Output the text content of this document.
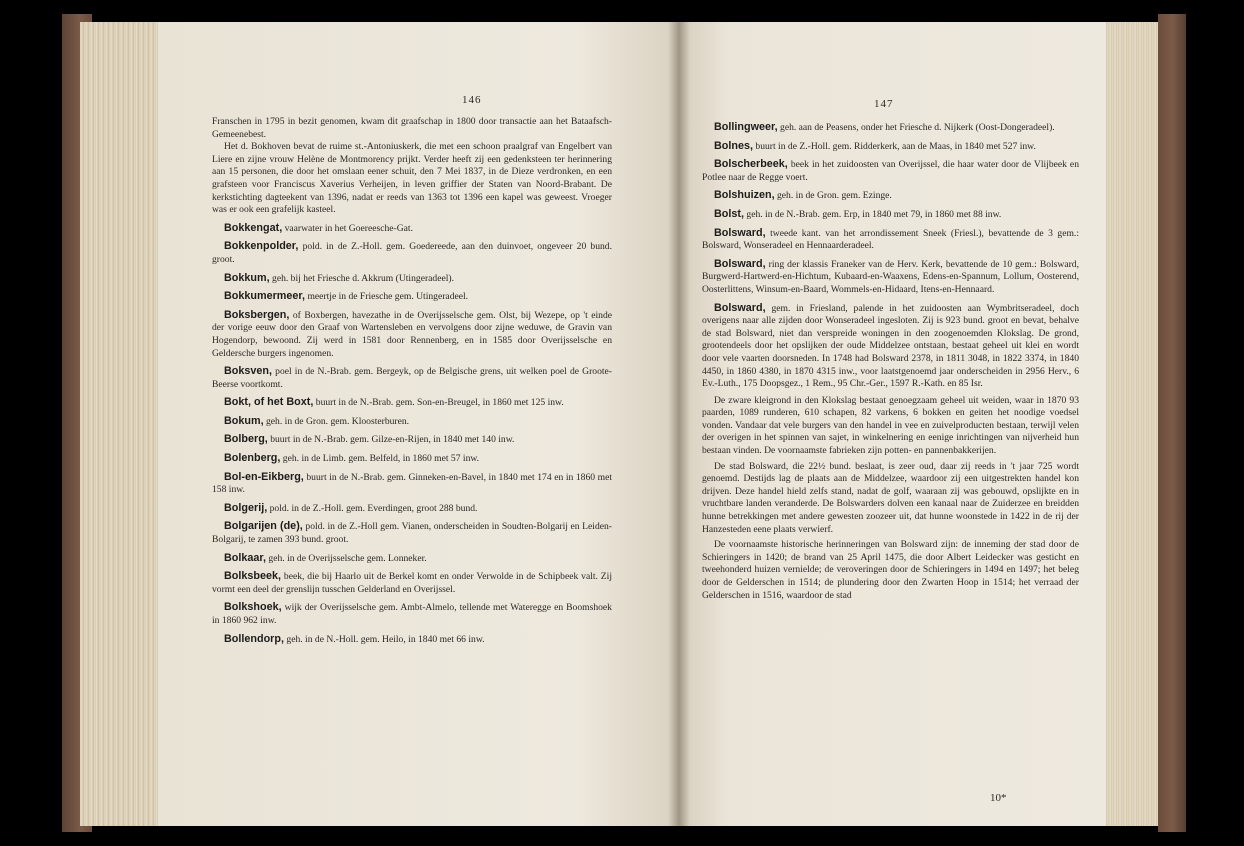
146

Franschen in 1795 in bezit genomen, kwam dit graafschap in 1800 door transactie aan het Bataafsch-Gemeenebest.

Het d. Bokhoven bevat de ruime st.-Antoniuskerk, die met een schoon praalgraf van Engelbert van Liere en zijne vrouw Helène de Montmorency prijkt. Verder heeft zij een gedenksteen ter herinnering aan 15 personen, die door het omslaan eener schuit, den 7 Mei 1837, in de Dieze verdronken, en een grafsteen voor Franciscus Xaverius Verheijen, in leven griffier der Staten van Noord-Brabant. De kerkstichting dagteekent van 1396, nadat er reeds van 1363 tot 1396 een kapel was geweest. Vroeger was er ook een grafelijk kasteel.

Bokkengat, vaarwater in het Goereesche-Gat.

Bokkenpolder, pold. in de Z.-Holl. gem. Goedereede, aan den duinvoet, ongeveer 20 bund. groot.

Bokkum, geh. bij het Friesche d. Akkrum (Utingeradeel).

Bokkumermeer, meertje in de Friesche gem. Utingeradeel.

Boksbergen, of Boxbergen, havezathe in de Overijsselsche gem. Olst, bij Wezepe, op 't einde der vorige eeuw door den Graaf von Wartensleben en vervolgens door zijne weduwe, de Gravin van Hogendorp, bewoond. Zij werd in 1581 door Rennenberg, en in 1585 door Overijsselsche en Geldersche burgers ingenomen.

Boksven, poel in de N.-Brab. gem. Bergeyk, op de Belgische grens, uit welken poel de Groote-Beerse voortkomt.

Bokt, of het Boxt, buurt in de N.-Brab. gem. Son-en-Breugel, in 1860 met 125 inw.

Bokum, geh. in de Gron. gem. Kloosterburen.

Bolberg, buurt in de N.-Brab. gem. Gilze-en-Rijen, in 1840 met 140 inw.

Bolenberg, geh. in de Limb. gem. Belfeld, in 1860 met 57 inw.

Bol-en-Eikberg, buurt in de N.-Brab. gem. Ginneken-en-Bavel, in 1840 met 174 en in 1860 met 158 inw.

Bolgerij, pold. in de Z.-Holl. gem. Everdingen, groot 288 bund.

Bolgarijen (de), pold. in de Z.-Holl gem. Vianen, onderscheiden in Soudten-Bolgarij en Leiden-Bolgarij, te zamen 393 bund. groot.

Bolkaar, geh. in de Overijsselsche gem. Lonneker.

Bolksbeek, beek, die bij Haarlo uit de Berkel komt en onder Verwolde in de Schipbeek valt. Zij vormt een deel der grenslijn tusschen Gelderland en Overijssel.

Bolkshoek, wijk der Overijsselsche gem. Ambt-Almelo, tellende met Wateregge en Boomshoek in 1860 962 inw.

Bollendorp, geh. in de N.-Holl. gem. Heilo, in 1840 met 66 inw.

147

Bollingweer, geh. aan de Peasens, onder het Friesche d. Nijkerk (Oost-Dongeradeel).

Bolnes, buurt in de Z.-Holl. gem. Ridderkerk, aan de Maas, in 1840 met 527 inw.

Bolscherbeek, beek in het zuidoosten van Overijssel, die haar water door de Vlijbeek en Potlee naar de Regge voert.

Bolshuizen, geh. in de Gron. gem. Ezinge.

Bolst, geh. in de N.-Brab. gem. Erp, in 1840 met 79, in 1860 met 88 inw.

Bolsward, tweede kant. van het arrondissement Sneek (Friesl.), bevattende de 3 gem.: Bolsward, Wonseradeel en Hennaarderadeel.

Bolsward, ring der klassis Franeker van de Herv. Kerk, bevattende de 10 gem.: Bolsward, Burgwerd-Hartwerd-en-Hichtum, Kubaard-en-Waaxens, Edens-en-Spannum, Lollum, Oosterend, Oosterlittens, Winsum-en-Baard, Wommels-en-Hidaard, Itens-en-Hennaard.

Bolsward, gem. in Friesland, palende in het zuidoosten aan Wymbritseradeel, doch overigens naar alle zijden door Wonseradeel ingesloten. Zij is 923 bund. groot en bevat, behalve de stad Bolsward, niet dan verspreide woningen in den zoogenoemden Klokslag. De grond, grootendeels door het opslijken der oude Middelzee ontstaan, bestaat geheel uit klei en wordt door vele vaarten doorsneden. In 1748 had Bolsward 2378, in 1811 3048, in 1822 3374, in 1840 4450, in 1860 4380, in 1870 4315 inw., voor laatstgenoemd jaar onderscheiden in 2956 Herv., 6 Ev.-Luth., 175 Doopsgez., 1 Rem., 95 Chr.-Ger., 1597 R.-Kath. en 85 Isr.

De zware kleigrond in den Klokslag bestaat genoegzaam geheel uit weiden, waar in 1870 93 paarden, 1089 runderen, 610 schapen, 82 varkens, 6 bokken en geiten het noodige voedsel vonden. Vandaar dat vele burgers van den handel in vee en zuivelproducten bestaan, terwijl velen der overigen in het spinnen van sajet, in winkelnering en eenige inrichtingen van nijverheid hun bestaan vinden. De voornaamste fabrieken zijn potten- en pannenbakkerijen.

De stad Bolsward, die 22½ bund. beslaat, is zeer oud, daar zij reeds in 't jaar 725 wordt genoemd. Destijds lag de plaats aan de Middelzee, waardoor zij een uitgestrekten handel kon drijven. Deze handel hield zelfs stand, nadat de golf, waaraan zij was gebouwd, opslijkte en in vruchtbare landen veranderde. De Bolswarders dolven een kanaal naar de Zuiderzee en breidden hunne betrekkingen met andere gewesten zoozeer uit, dat hunne woonstede in 1422 in de rij der Hanzesteden eene plaats verwierf.

De voornaamste historische herinneringen van Bolsward zijn: de inneming der stad door de Schieringers in 1420; de brand van 25 April 1475, die door Albert Leidecker was gesticht en tweehonderd huizen vernielde; de veroveringen door de Schieringers in 1494 en 1497; het beleg door de Gelderschen in 1514; de plundering door den Zwarten Hoop in 1514; het verraad der Gelderschen in 1516, waardoor de stad

10*
